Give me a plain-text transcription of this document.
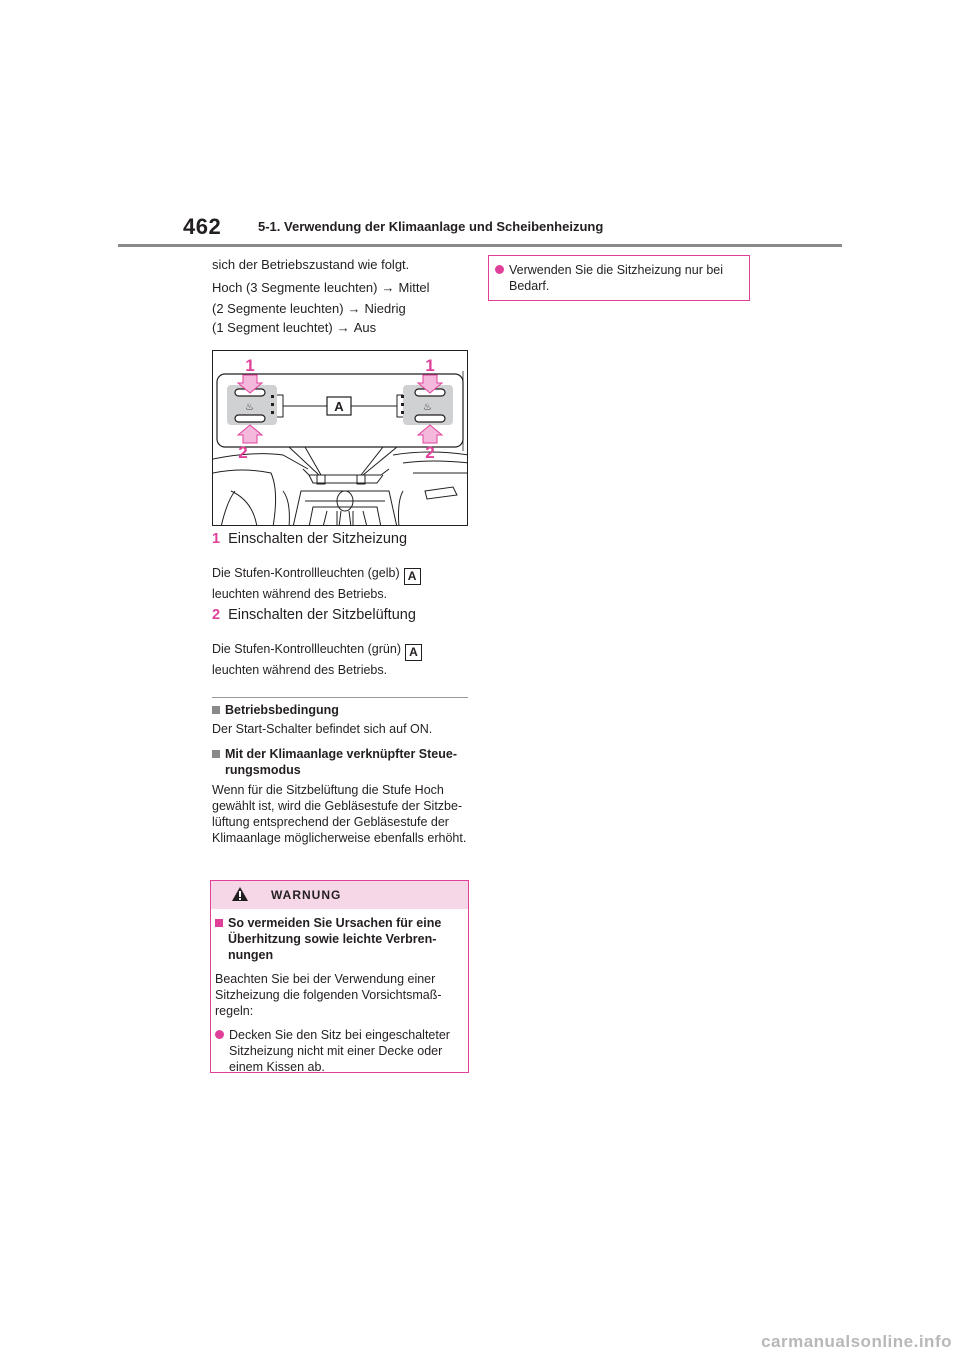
462	5-1. Verwendung der Klimaanlage und Scheibenheizung
sich der Betriebszustand wie folgt.
Hoch (3 Segmente leuchten) → Mittel
(2 Segmente leuchten) → Niedrig
(1 Segment leuchtet) → Aus
♨	♨
A
1	1
2	2
1 Einschalten der Sitzheizung
Die Stufen-Kontrollleuchten (gelb) A
leuchten während des Betriebs.
2 Einschalten der Sitzbelüftung
Die Stufen-Kontrollleuchten (grün) A
leuchten während des Betriebs.
Betriebsbedingung
Der Start-Schalter befindet sich auf ON.
Mit der Klimaanlage verknüpfter Steue-
rungsmodus
Wenn für die Sitzbelüftung die Stufe Hoch gewählt ist, wird die Gebläsestufe der Sitzbe-lüftung entsprechend der Gebläsestufe der Klimaanlage möglicherweise ebenfalls erhöht.
WARNUNG
So vermeiden Sie Ursachen für eine
Überhitzung sowie leichte Verbren-
nungen

Beachten Sie bei der Verwendung einer Sitzheizung die folgenden Vorsichtsmaß-regeln:

Decken Sie den Sitz bei eingeschalteter Sitzheizung nicht mit einer Decke oder einem Kissen ab.
Verwenden Sie die Sitzheizung nur bei Bedarf.
carmanualsonline.info
